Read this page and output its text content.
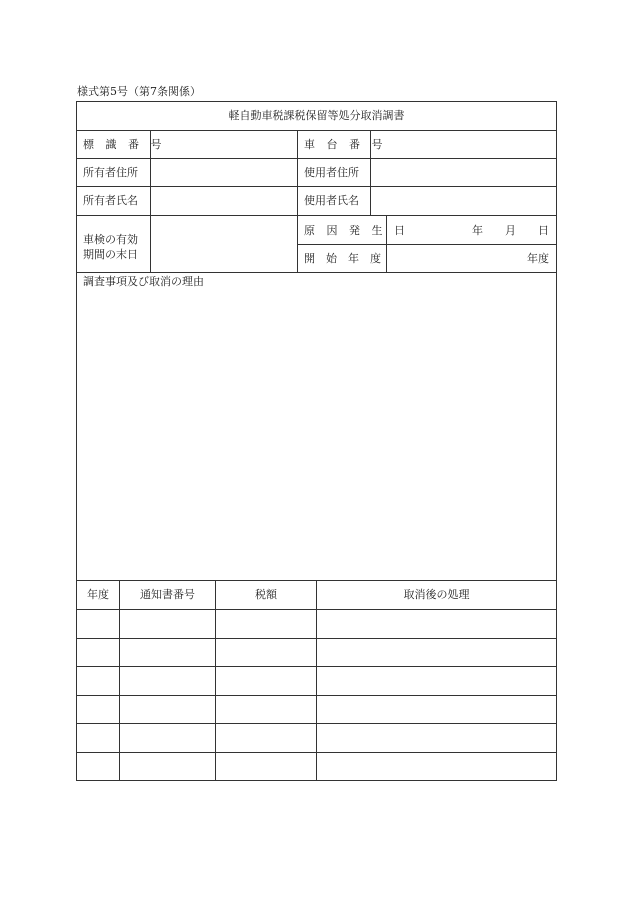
様式第5号（第7条関係）
軽自動車税課税保留等処分取消調書
標 識 番 号	車 台 番 号
所有者住所	使用者住所
所有者氏名	使用者氏名
車検の有効
期間の末日
原 因 発 生 日	年　　月　　日
開　始　年　度	年度
調査事項及び取消の理由
年度	通知書番号	税額	取消後の処理
